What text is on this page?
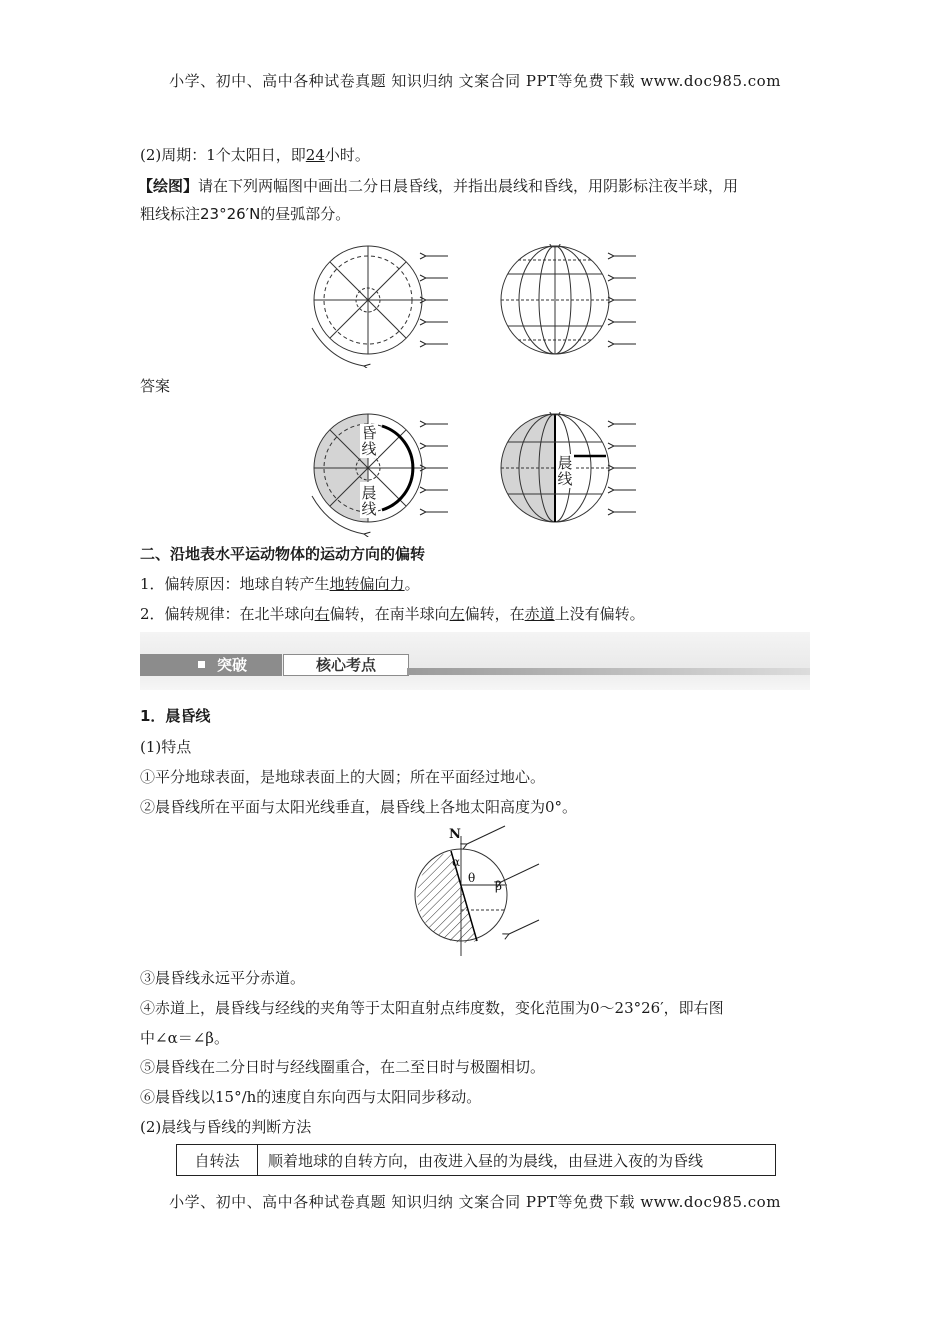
小学、初中、高中各种试卷真题 知识归纳 文案合同 PPT等免费下载 www.doc985.com
(2)周期：1个太阳日，即24小时。
【绘图】请在下列两幅图中画出二分日晨昏线，并指出晨线和昏线，用阴影标注夜半球，用
粗线标注23°26′N的昼弧部分。
答案
昏
线
晨
线
晨
线
二、沿地表水平运动物体的运动方向的偏转
1．偏转原因：地球自转产生地转偏向力。
2．偏转规律：在北半球向右偏转，在南半球向左偏转，在赤道上没有偏转。
突破	核心考点
1．晨昏线
(1)特点
①平分地球表面，是地球表面上的大圆；所在平面经过地心。
②晨昏线所在平面与太阳光线垂直，晨昏线上各地太阳高度为0°。
N
α
θ
β
③晨昏线永远平分赤道。
④赤道上，晨昏线与经线的夹角等于太阳直射点纬度数，变化范围为0～23°26′，即右图
中∠α＝∠β。
⑤晨昏线在二分日时与经线圈重合，在二至日时与极圈相切。
⑥晨昏线以15°/h的速度自东向西与太阳同步移动。
(2)晨线与昏线的判断方法
自转法	顺着地球的自转方向，由夜进入昼的为晨线，由昼进入夜的为昏线
小学、初中、高中各种试卷真题 知识归纳 文案合同 PPT等免费下载 www.doc985.com
